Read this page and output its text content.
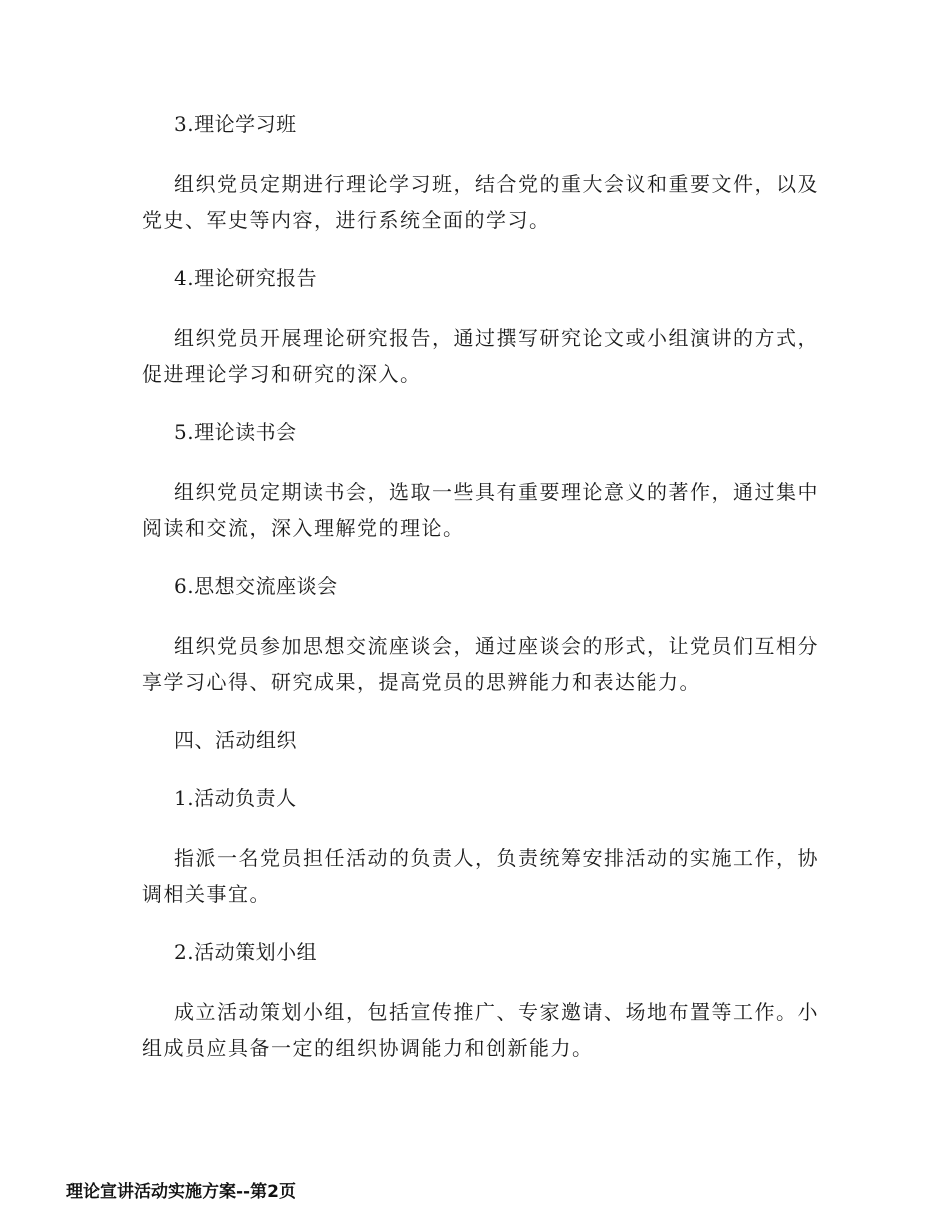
3.理论学习班
组织党员定期进行理论学习班，结合党的重大会议和重要文件，以及党史、军史等内容，进行系统全面的学习。
4.理论研究报告
组织党员开展理论研究报告，通过撰写研究论文或小组演讲的方式，促进理论学习和研究的深入。
5.理论读书会
组织党员定期读书会，选取一些具有重要理论意义的著作，通过集中阅读和交流，深入理解党的理论。
6.思想交流座谈会
组织党员参加思想交流座谈会，通过座谈会的形式，让党员们互相分享学习心得、研究成果，提高党员的思辨能力和表达能力。
四、活动组织
1.活动负责人
指派一名党员担任活动的负责人，负责统筹安排活动的实施工作，协调相关事宜。
2.活动策划小组
成立活动策划小组，包括宣传推广、专家邀请、场地布置等工作。小组成员应具备一定的组织协调能力和创新能力。
理论宣讲活动实施方案--第2页
